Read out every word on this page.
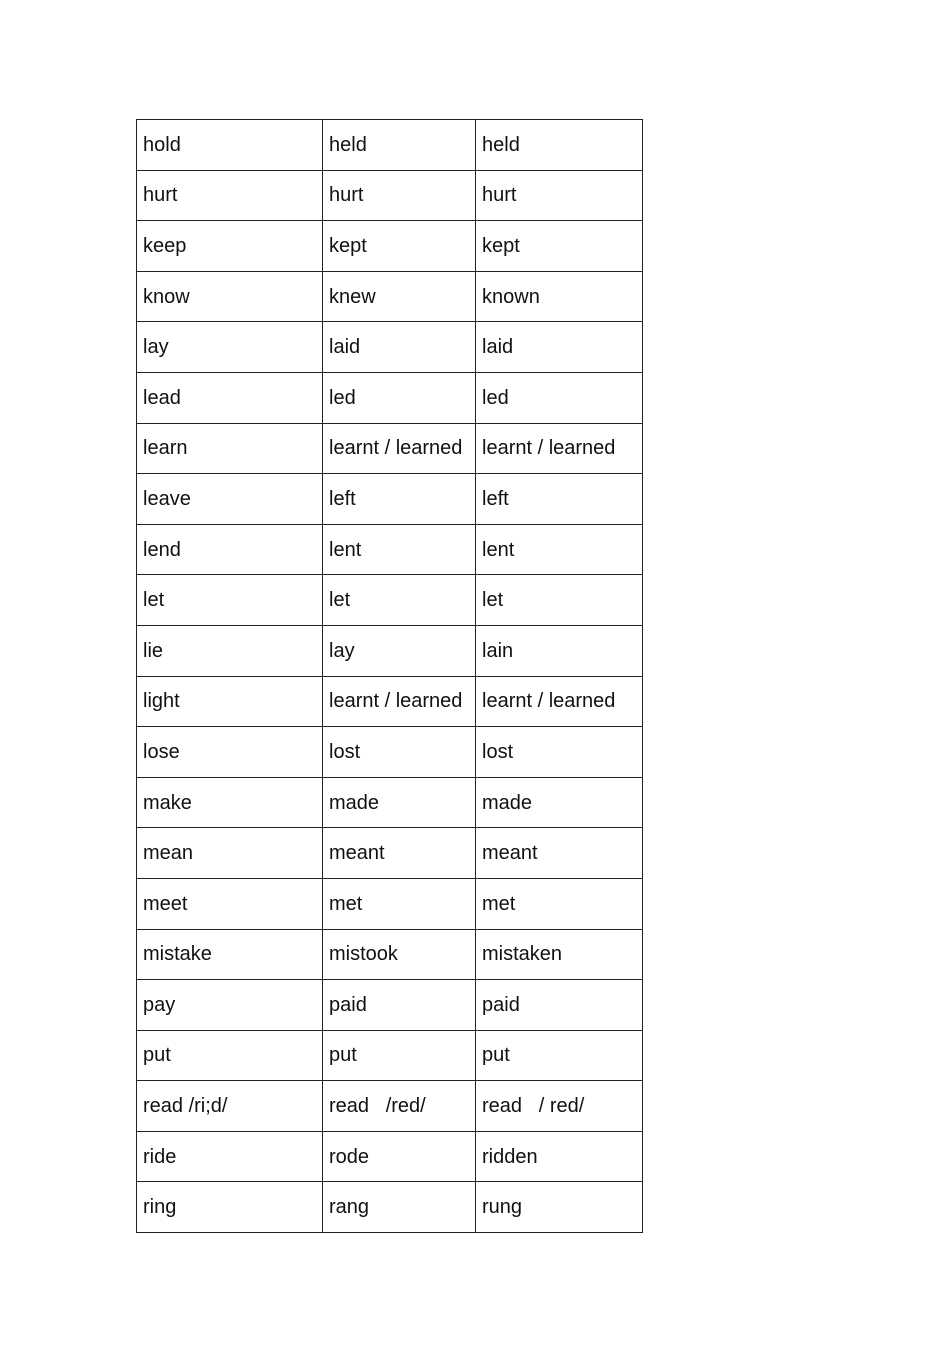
hold	held	held
hurt	hurt	hurt
keep	kept	kept
know	knew	known
lay	laid	laid
lead	led	led
learn	learnt / learned	learnt / learned
leave	left	left
lend	lent	lent
let	let	let
lie	lay	lain
light	learnt / learned	learnt / learned
lose	lost	lost
make	made	made
mean	meant	meant
meet	met	met
mistake	mistook	mistaken
pay	paid	paid
put	put	put
read /ri;d/	read   /red/	read   / red/
ride	rode	ridden
ring	rang	rung
